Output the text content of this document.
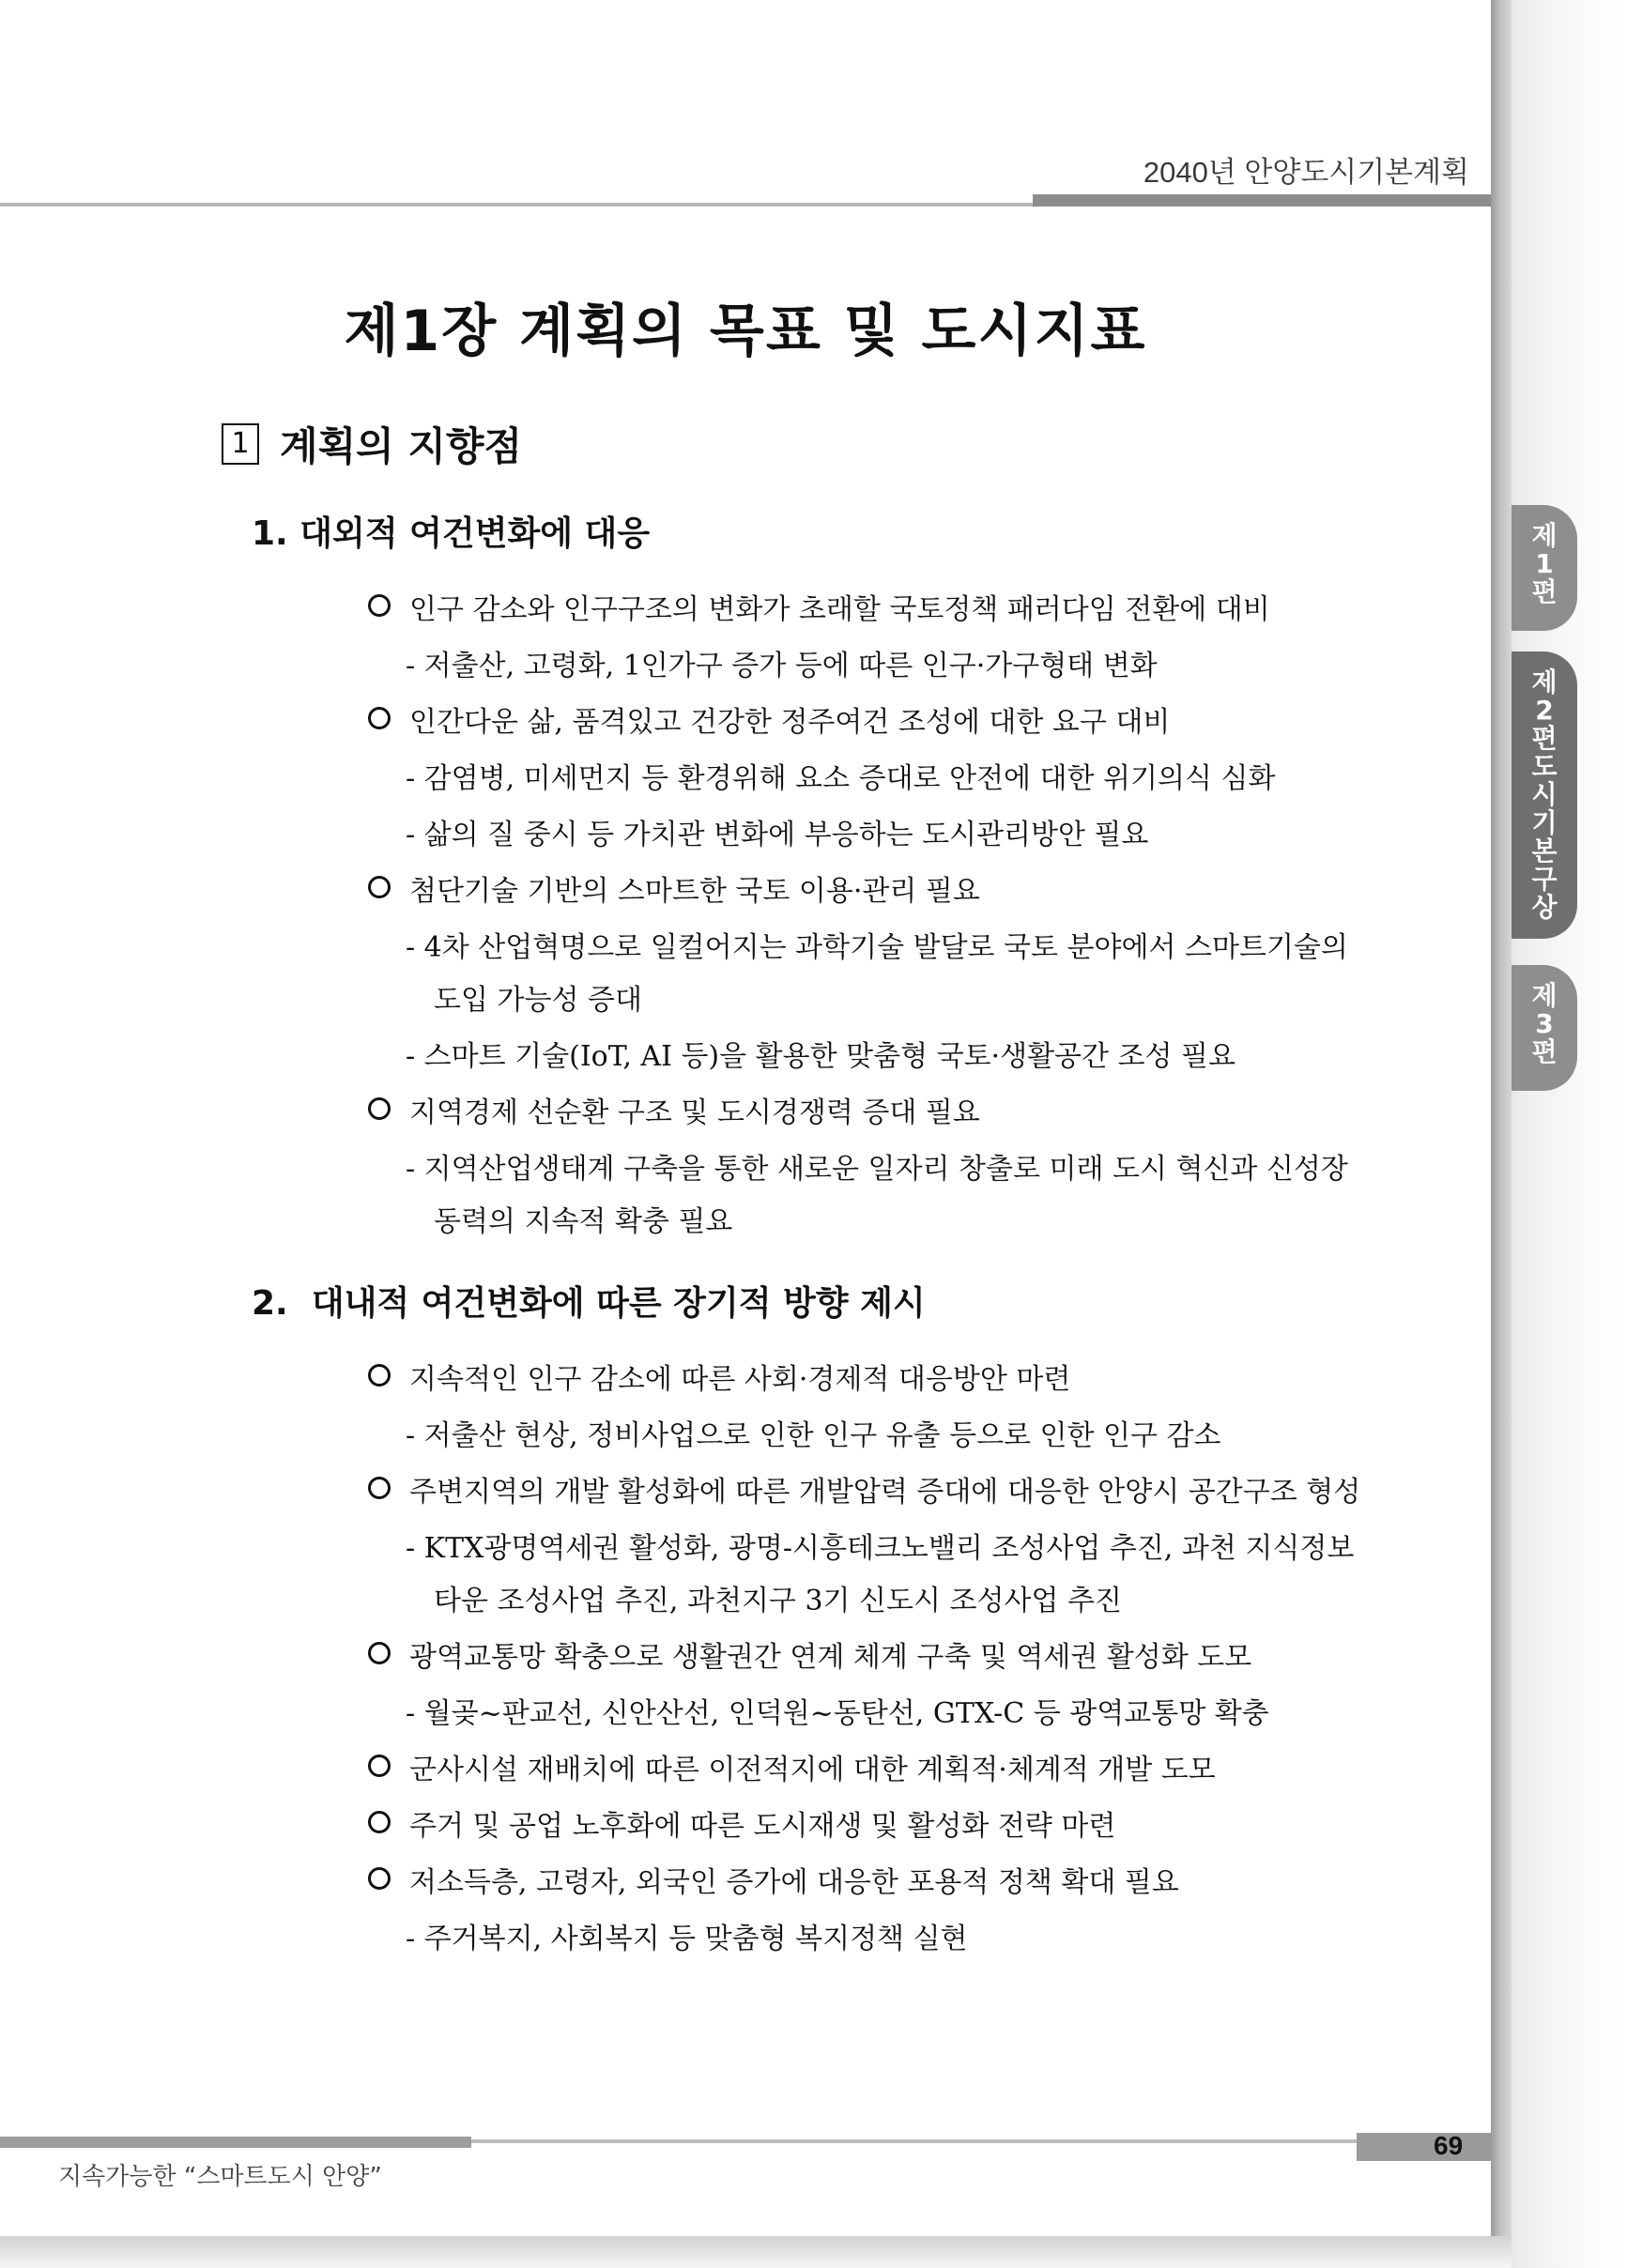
2040년 안양도시기본계획
제1장 계획의 목표 및 도시지표
1 계획의 지향점
1. 대외적 여건변화에 대응
인구 감소와 인구구조의 변화가 초래할 국토정책 패러다임 전환에 대비
- 저출산, 고령화, 1인가구 증가 등에 따른 인구·가구형태 변화
인간다운 삶, 품격있고 건강한 정주여건 조성에 대한 요구 대비
- 감염병, 미세먼지 등 환경위해 요소 증대로 안전에 대한 위기의식 심화
- 삶의 질 중시 등 가치관 변화에 부응하는 도시관리방안 필요
첨단기술 기반의 스마트한 국토 이용·관리 필요
- 4차 산업혁명으로 일컬어지는 과학기술 발달로 국토 분야에서 스마트기술의
도입 가능성 증대
- 스마트 기술(IoT, AI 등)을 활용한 맞춤형 국토·생활공간 조성 필요
지역경제 선순환 구조 및 도시경쟁력 증대 필요
- 지역산업생태계 구축을 통한 새로운 일자리 창출로 미래 도시 혁신과 신성장
동력의 지속적 확충 필요
2. 대내적 여건변화에 따른 장기적 방향 제시
지속적인 인구 감소에 따른 사회·경제적 대응방안 마련
- 저출산 현상, 정비사업으로 인한 인구 유출 등으로 인한 인구 감소
주변지역의 개발 활성화에 따른 개발압력 증대에 대응한 안양시 공간구조 형성
- KTX광명역세권 활성화, 광명-시흥테크노밸리 조성사업 추진, 과천 지식정보
타운 조성사업 추진, 과천지구 3기 신도시 조성사업 추진
광역교통망 확충으로 생활권간 연계 체계 구축 및 역세권 활성화 도모
- 월곶~판교선, 신안산선, 인덕원~동탄선, GTX-C 등 광역교통망 확충
군사시설 재배치에 따른 이전적지에 대한 계획적·체계적 개발 도모
주거 및 공업 노후화에 따른 도시재생 및 활성화 전략 마련
저소득층, 고령자, 외국인 증가에 대응한 포용적 정책 확대 필요
- 주거복지, 사회복지 등 맞춤형 복지정책 실현
제
1
편
제
2
편
도
시
기
본
구
상
제
3
편
69
지속가능한 “스마트도시 안양”
